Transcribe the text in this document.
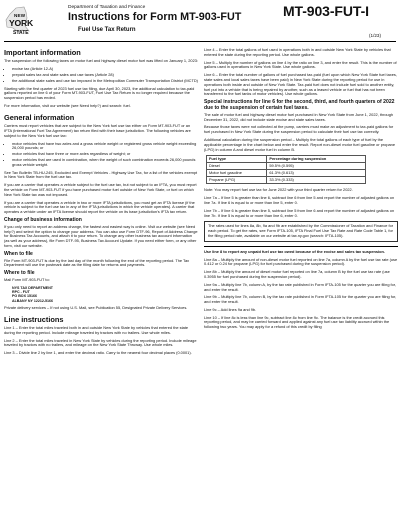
NEW
YORK
STATE
Department of Taxation and Finance
Instructions for Form MT-903-FUT
Fuel Use Tax Return
MT-903-FUT-I
(1/23)
Important information

The suspension of the following taxes on motor fuel and highway diesel motor fuel was lifted on January 1, 2023:

• excise tax (Article 12-A)
• prepaid sales tax and state sales and use taxes (Article 28)
• the additional state sales and use tax imposed in the Metropolitan Commuter Transportation District (MCTD)

Starting with the first quarter of 2023 fuel use tax filing, due April 30, 2023, the additional calculation to tax-paid gallons reported on line 6 of your Form MT-903-FUT, Fuel Use Tax Return is no longer required because the suspension period has ended.

For more information, visit our website (see Need help?) and search: fuel.

General information

Carriers must report vehicles that are subject to the New York fuel use tax either on Form MT-903-FUT or an IFTA (International Fuel Tax Agreement) tax return filed with their base jurisdiction. The following vehicles are subject to the New York fuel use tax:

• motor vehicles that have two axles and a gross vehicle weight or registered gross vehicle weight exceeding 26,000 pounds; or
• motor vehicles that have three or more axles regardless of weight; or
• motor vehicles that are used in combination, when the weight of such combination exceeds 26,000 pounds gross vehicle weight.

See Tax Bulletin TB-HU-245, Excluded and Exempt Vehicles - Highway Use Tax, for a list of the vehicles exempt in New York State from the fuel use tax.

If you are a carrier that operates a vehicle subject to the fuel use tax, but not subject to an IFTA, you must report the vehicle on Form MT-903-FUT if you have purchased motor fuel outside of New York State, or fuel on which New York State tax was not imposed.

If you are a carrier that operates a vehicle in two or more IFTA jurisdictions, you must get an IFTA license (if the vehicle is subject to the fuel use tax in any of the IFTA jurisdictions in which the vehicle operates). A carrier that operates a vehicle under an IFTA license should report the vehicle on its base jurisdiction's IFTA tax return.

Change of business information

If you only need to report an address change, the fastest and easiest way is online. Visit our website (see Need help?) and select the option to change your address. You can also use Form DTF-96, Report of Address Change for Business Tax Accounts, and attach it to your return. To change any other business tax account information (as well as your address), file Form DTF-95, Business Tax Account Update. If you need either form, or any other form, visit our website.

When to file

File Form MT-903-FUT is due by the last day of the month following the end of the reporting period. The Tax Department will use the postmark date as the filing date for returns and payments.

Where to file

Mail Form MT-903-FUT to:

NYS TAX DEPARTMENT
RPC - FUT
PO BOX 15166
ALBANY NY 12212-5166

Private delivery services – If not using U.S. Mail, see Publication 55, Designated Private Delivery Services.

Line instructions

Line 1 – Enter the total miles traveled both in and outside New York State by vehicles that entered the state during the reporting period. Include mileage traveled by tractors with no trailers. Use whole miles.

Line 2 – Enter the total miles traveled in New York State by vehicles during the reporting period. Include mileage traveled by tractors with no trailers, and mileage on the New York State Thruway. Use whole miles.

Line 3 – Divide line 2 by line 1, and enter the decimal ratio. Carry to the nearest four decimal places (0.0001).

Line 4 – Enter the total gallons of fuel used in operations both in and outside New York State by vehicles that entered the state during the reporting period. Use whole gallons.

Line 5 – Multiply the number of gallons on line 4 by the ratio on line 3, and enter the result. This is the number of gallons used in operations in New York State. Use whole gallons.

Line 6 – Enter the total number of gallons of fuel purchased tax-paid (fuel upon which New York State fuel taxes, state sales and local sales taxes have been paid) in New York State during the reporting period for use in operations both inside and outside of New York State. Tax-paid fuel does not include fuel sold to another entity, fuel put into a vehicle that is being repaired by another, such as a leased vehicle or fuel that has not been transferred to the fuel tanks of motor vehicles). Use whole gallons.

Special instructions for line 6 for the second, third, and fourth quarters of 2022 due to the suspension of certain fuel taxes.

The sale of motor fuel and highway diesel motor fuel purchased in New York State from June 1, 2022, through December 31, 2022, did not include state excise and state sales taxes.

Because those taxes were not collected at the pump, carriers must make an adjustment to tax-paid gallons for fuel purchased in New York State during the suspension period to calculate their fuel use tax correctly.

Additional calculation during the suspension period – Multiply the total gallons of each type of fuel by the applicable percentage in the chart below and enter the result. Report non-diesel motor fuel gasoline or propane (LPG) in column A and diesel motor fuel in column B.

Fuel type	Percentage during suspension
Diesel	59.5% (0.595)
Motor fuel gasoline	61.3% (0.613)
Propane (LPG)	33.3% (0.333)

Note: You may report fuel use tax for June 2022 with your third quarter return for 2022.

Line 7a – If line 5 is greater than line 6, subtract line 6 from line 5 and report the number of adjusted gallons on line 7a. If line 6 is equal to or more than line 5, enter 0.

Line 7b – If line 6 is greater than line 5, subtract line 5 from line 6 and report the number of adjusted gallons on line 7b. If line 5 is equal to or more than line 6, enter 0.

The rates used for lines 8a, 8b, 9a and 9b are established by the Commissioner of Taxation and Finance for each period. To get the rates, see Form IFTA-105, IFTA Final Fuel Use Tax Rate and Rate Code Table 1, for the filing period rate, available on our website at tax.ny.gov (search: IFTA-105).

Use line 8 to report any unpaid fuel use tax owed because of the excise and sales tax suspension.

Line 8a – Multiply the amount of non-diesel motor fuel reported on line 7a, column A by the fuel use tax rate (use 0.412 or 0.24 for propane (LPG) for fuel purchased during the suspension period).

Line 8b – Multiply the amount of diesel motor fuel reported on line 7a, column B by the fuel use tax rate (use 0.3955 for fuel purchased during the suspension period).

Line 9a – Multiply line 7b, column A, by the tax rate published in Form IFTA-105 for the quarter you are filing for, and enter the result.

Line 9b – Multiply line 7b, column B, by the tax rate published in Form IFTA-105 for the quarter you are filing for, and enter the result.

Line 9c – Add lines 9a and 9b.

Line 10 – If line 8c is less than line 9c, subtract line 8c from line 9c. The balance is the credit accrued this reporting period, and may be carried forward and applied against any fuel use tax liability accrued within the following two years. You may apply for a refund of this credit by filing
